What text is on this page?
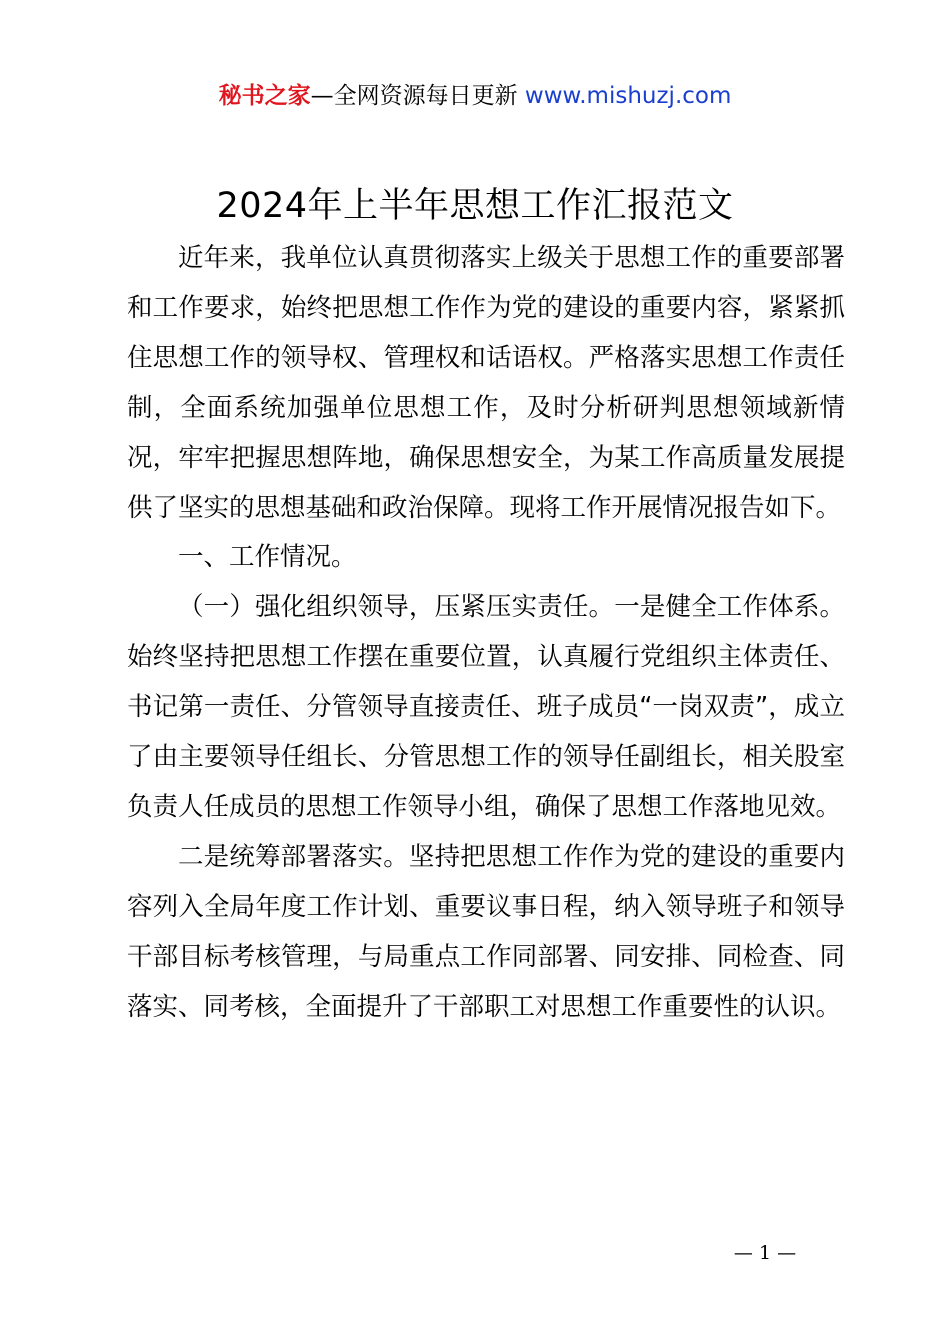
秘书之家—全网资源每日更新 www.mishuzj.com
2024年上半年思想工作汇报范文

近年来，我单位认真贯彻落实上级关于思想工作的重要部署和工作要求，始终把思想工作作为党的建设的重要内容，紧紧抓住思想工作的领导权、管理权和话语权。严格落实思想工作责任制，全面系统加强单位思想工作，及时分析研判思想领域新情况，牢牢把握思想阵地，确保思想安全，为某工作高质量发展提供了坚实的思想基础和政治保障。现将工作开展情况报告如下。

一、工作情况。

（一）强化组织领导，压紧压实责任。一是健全工作体系。始终坚持把思想工作摆在重要位置，认真履行党组织主体责任、书记第一责任、分管领导直接责任、班子成员“一岗双责”，成立了由主要领导任组长、分管思想工作的领导任副组长，相关股室负责人任成员的思想工作领导小组，确保了思想工作落地见效。

二是统筹部署落实。坚持把思想工作作为党的建设的重要内容列入全局年度工作计划、重要议事日程，纳入领导班子和领导干部目标考核管理，与局重点工作同部署、同安排、同检查、同落实、同考核，全面提升了干部职工对思想工作重要性的认识。

— 1 —
